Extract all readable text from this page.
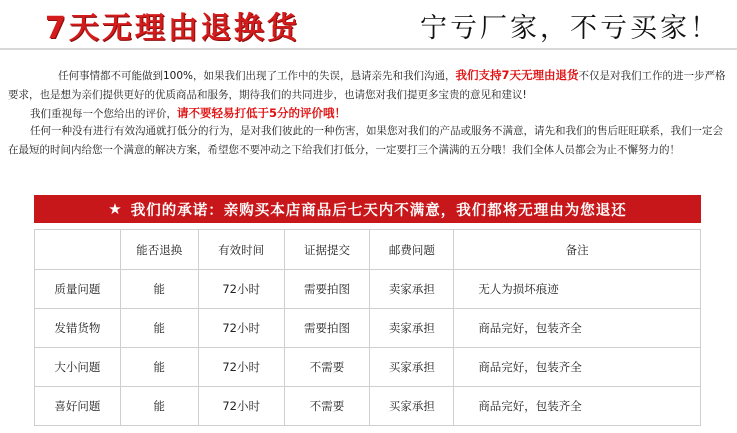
7天无理由退换货	宁亏厂家，不亏买家！
任何事情都不可能做到100%，如果我们出现了工作中的失误，恳请亲先和我们沟通，我们支持7天无理由退货不仅是对我们工作的进一步严格要求，也是想为亲们提供更好的优质商品和服务，期待我们的共同进步，也请您对我们提更多宝贵的意见和建议!
我们重视每一个您给出的评价，请不要轻易打低于5分的评价哦！
任何一种没有进行有效沟通就打低分的行为，是对我们彼此的一种伤害，如果您对我们的产品或服务不满意，请先和我们的售后旺旺联系，我们一定会在最短的时间内给您一个满意的解决方案，希望您不要冲动之下给我们打低分，一定要打三个满满的五分哦！我们全体人员都会为止不懈努力的！
★ 我们的承诺：亲购买本店商品后七天内不满意，我们都将无理由为您退还
	能否退换	有效时间	证据提交	邮费问题	备注
质量问题	能	72小时	需要拍图	卖家承担	无人为损坏痕迹
发错货物	能	72小时	需要拍图	卖家承担	商品完好，包装齐全
大小问题	能	72小时	不需要	买家承担	商品完好，包装齐全
喜好问题	能	72小时	不需要	买家承担	商品完好，包装齐全
